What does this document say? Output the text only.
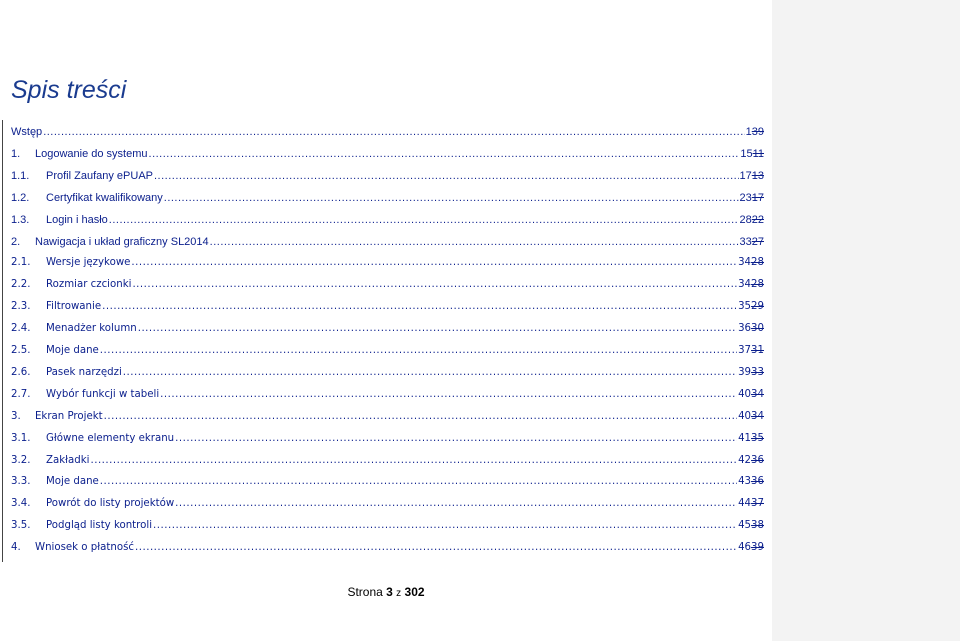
Spis treści
Wstęp .....	139
1.	Logowanie do systemu .....	1511
1.1.	Profil Zaufany ePUAP .....	1713
1.2.	Certyfikat kwalifikowany .....	2317
1.3.	Login i hasło .....	2822
2.	Nawigacja i układ graficzny SL2014 .....	3327
2.1.	Wersje językowe .....	3428
2.2.	Rozmiar czcionki .....	3428
2.3.	Filtrowanie .....	3529
2.4.	Menadżer kolumn .....	3630
2.5.	Moje dane .....	3731
2.6.	Pasek narzędzi .....	3933
2.7.	Wybór funkcji w tabeli .....	4034
3.	Ekran Projekt .....	4034
3.1.	Główne elementy ekranu .....	4135
3.2.	Zakładki .....	4236
3.3.	Moje dane .....	4336
3.4.	Powrót do listy projektów .....	4437
3.5.	Podgląd listy kontroli .....	4538
4.	Wniosek o płatność .....	4639
Strona 3 z 302
